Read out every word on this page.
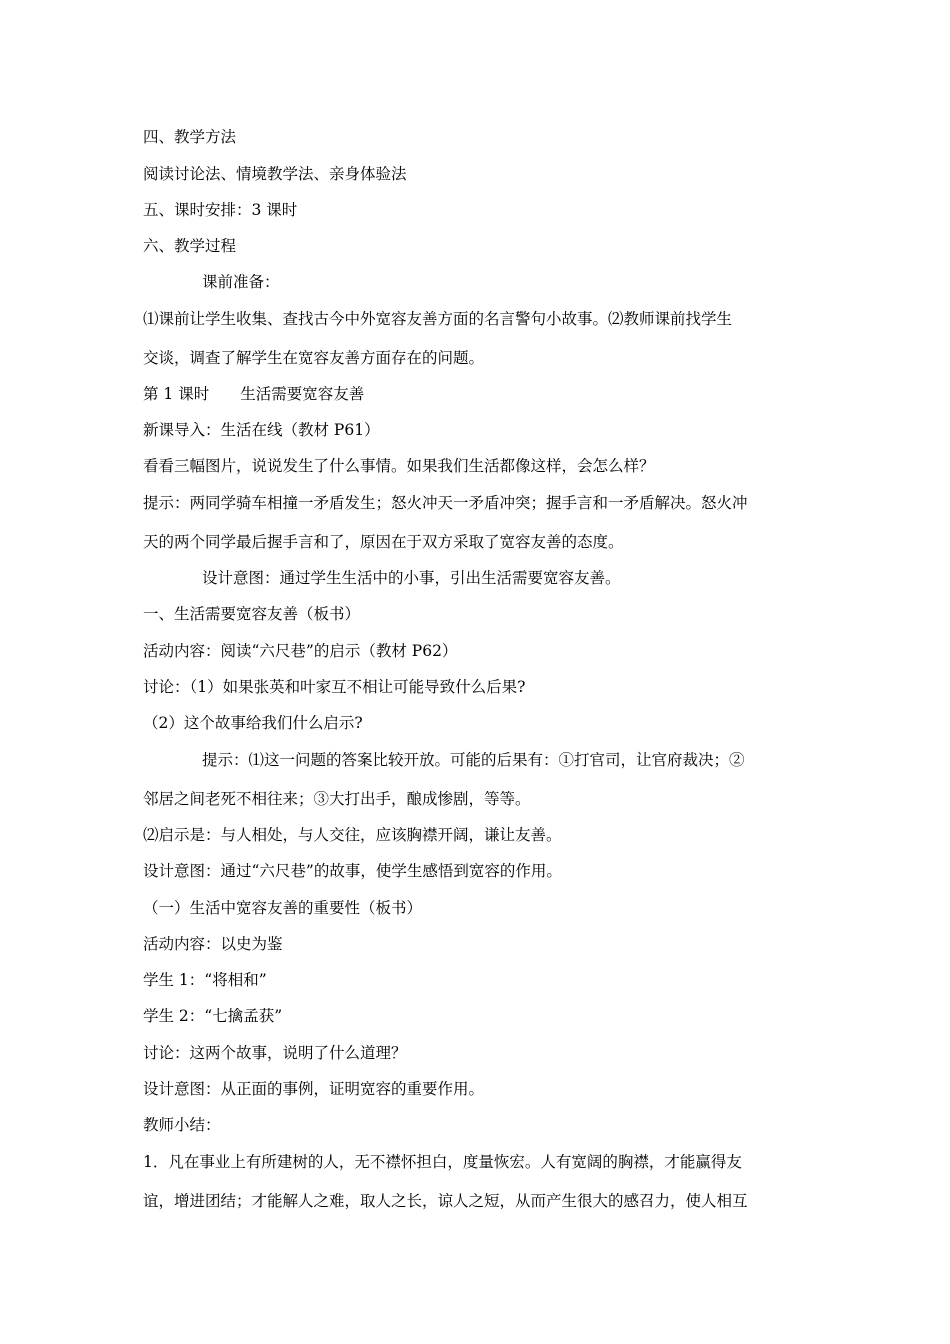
四、教学方法
阅读讨论法、情境教学法、亲身体验法
五、课时安排：3 课时
六、教学过程
课前准备：
⑴课前让学生收集、查找古今中外宽容友善方面的名言警句小故事。⑵教师课前找学生
交谈，调查了解学生在宽容友善方面存在的问题。
第 1 课时　　生活需要宽容友善
新课导入：生活在线（教材 P61）
看看三幅图片，说说发生了什么事情。如果我们生活都像这样，会怎么样？
提示：两同学骑车相撞一矛盾发生；怒火冲天一矛盾冲突；握手言和一矛盾解决。怒火冲
天的两个同学最后握手言和了，原因在于双方采取了宽容友善的态度。
设计意图：通过学生生活中的小事，引出生活需要宽容友善。
一、生活需要宽容友善（板书）
活动内容：阅读“六尺巷”的启示（教材 P62）
讨论：（1）如果张英和叶家互不相让可能导致什么后果?
（2）这个故事给我们什么启示?
提示：⑴这一问题的答案比较开放。可能的后果有：①打官司，让官府裁决；②
邻居之间老死不相往来；③大打出手，酿成惨剧，等等。
⑵启示是：与人相处，与人交往，应该胸襟开阔，谦让友善。
设计意图：通过“六尺巷”的故事，使学生感悟到宽容的作用。
（一）生活中宽容友善的重要性（板书）
活动内容：以史为鉴
学生 1：“将相和”
学生 2：“七擒孟获”
讨论：这两个故事，说明了什么道理？
设计意图：从正面的事例，证明宽容的重要作用。
教师小结：
1．凡在事业上有所建树的人，无不襟怀担白，度量恢宏。人有宽阔的胸襟，才能赢得友
谊，增进团结；才能解人之难，取人之长，谅人之短，从而产生很大的感召力，使人相互
